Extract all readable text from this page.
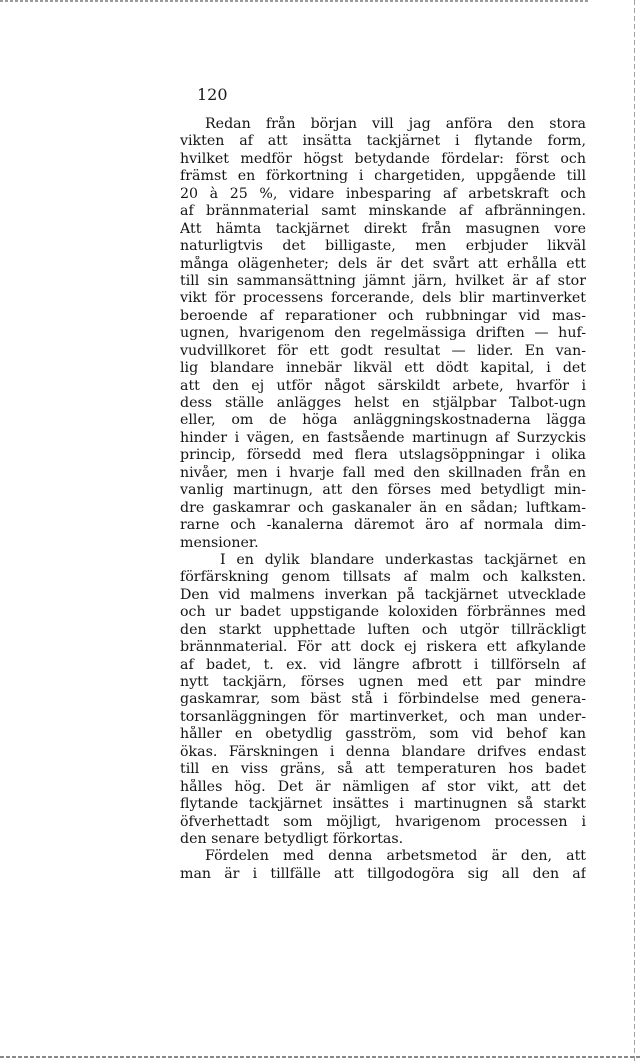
120
Redan från början vill jag anföra den stora
vikten af att insätta tackjärnet i flytande form,
hvilket medför högst betydande fördelar: först och
främst en förkortning i chargetiden, uppgående till
20 à 25 %, vidare inbesparing af arbetskraft och
af brännmaterial samt minskande af afbränningen.
Att hämta tackjärnet direkt från masugnen vore
naturligtvis det billigaste, men erbjuder likväl
många olägenheter; dels är det svårt att erhålla ett
till sin sammansättning jämnt järn, hvilket är af stor
vikt för processens forcerande, dels blir martinverket
beroende af reparationer och rubbningar vid mas-
ugnen, hvarigenom den regelmässiga driften — huf-
vudvillkoret för ett godt resultat — lider. En van-
lig blandare innebär likväl ett dödt kapital, i det
att den ej utför något särskildt arbete, hvarför i
dess ställe anlägges helst en stjälpbar Talbot-ugn
eller, om de höga anläggningskostnaderna lägga
hinder i vägen, en fastsående martinugn af Surzyckis
princip, försedd med flera utslagsöppningar i olika
nivåer, men i hvarje fall med den skillnaden från en
vanlig martinugn, att den förses med betydligt min-
dre gaskamrar och gaskanaler än en sådan; luftkam-
rarne och -kanalerna däremot äro af normala dim-
mensioner.
I en dylik blandare underkastas tackjärnet en
förfärskning genom tillsats af malm och kalksten.
Den vid malmens inverkan på tackjärnet utvecklade
och ur badet uppstigande koloxiden förbrännes med
den starkt upphettade luften och utgör tillräckligt
brännmaterial. För att dock ej riskera ett afkylande
af badet, t. ex. vid längre afbrott i tillförseln af
nytt tackjärn, förses ugnen med ett par mindre
gaskamrar, som bäst stå i förbindelse med genera-
torsanläggningen för martinverket, och man under-
håller en obetydlig gasström, som vid behof kan
ökas. Färskningen i denna blandare drifves endast
till en viss gräns, så att temperaturen hos badet
hålles hög. Det är nämligen af stor vikt, att det
flytande tackjärnet insättes i martinugnen så starkt
öfverhettadt som möjligt, hvarigenom processen i
den senare betydligt förkortas.
Fördelen med denna arbetsmetod är den, att
man är i tillfälle att tillgodogöra sig all den af
